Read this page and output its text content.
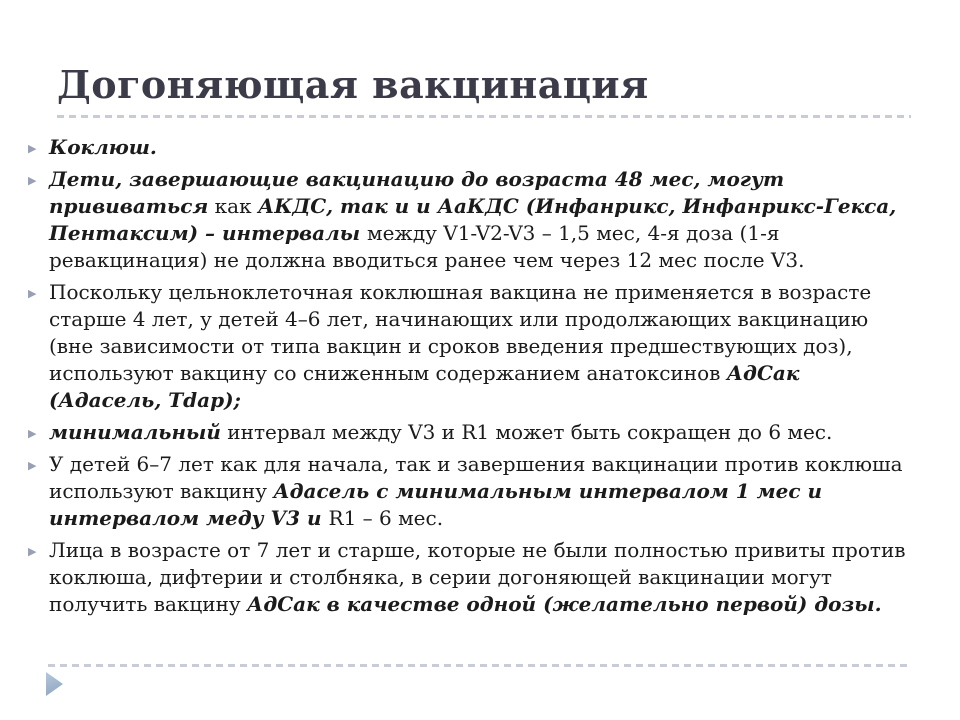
Догоняющая вакцинация
▶ Коклюш.
▶ Дети, завершающие вакцинацию до возраста 48 мес, могут прививаться как АКДС, так и и АаКДС (Инфанрикс, Инфанрикс-Гекса, Пентаксим) – интервалы между V1-V2-V3 – 1,5 мес, 4-я доза (1-я ревакцинация) не должна вводиться ранее чем через 12 мес после V3.
▶ Поскольку цельноклеточная коклюшная вакцина не применяется в возрасте старше 4 лет, у детей 4–6 лет, начинающих или продолжающих вакцинацию (вне зависимости от типа вакцин и сроков введения предшествующих доз), используют вакцину со сниженным содержанием анатоксинов АдСак (Адасель, Tdap);
▶ минимальный интервал между V3 и R1 может быть сокращен до 6 мес.
▶ У детей 6–7 лет как для начала, так и завершения вакцинации против коклюша используют вакцину Адасель с минимальным интервалом 1 мес и интервалом меду V3 и R1 – 6 мес.
▶ Лица в возрасте от 7 лет и старше, которые не были полностью привиты против коклюша, дифтерии и столбняка, в серии догоняющей вакцинации могут получить вакцину АдСак в качестве одной (желательно первой) дозы.
